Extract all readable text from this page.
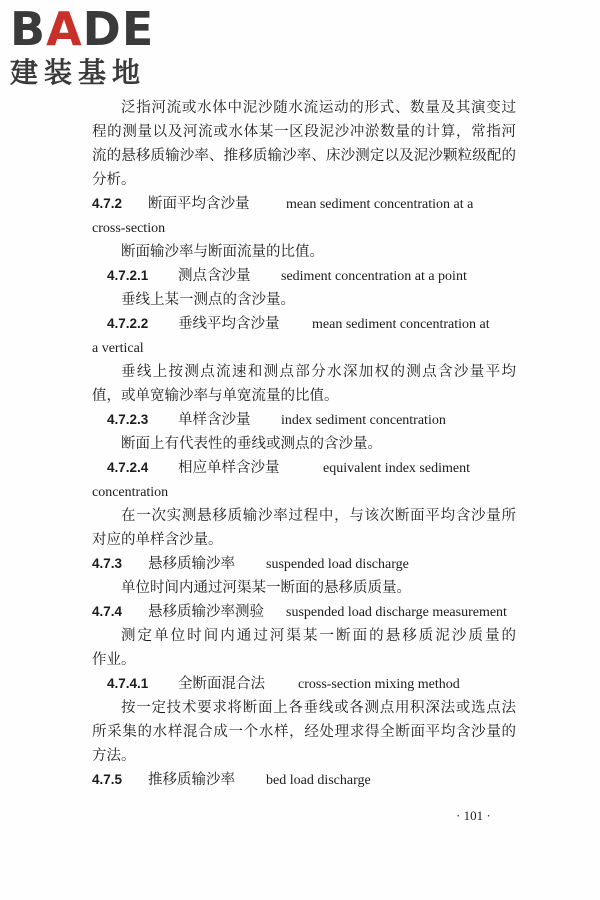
BADE
建装基地
泛指河流或水体中泥沙随水流运动的形式、数量及其演变过
程的测量以及河流或水体某一区段泥沙冲淤数量的计算，常指河
流的悬移质输沙率、推移质输沙率、床沙测定以及泥沙颗粒级配的
分析。
4.7.2 断面平均含沙量	mean sediment concentration at a
cross-section
断面输沙率与断面流量的比值。
4.7.2.1 测点含沙量 sediment concentration at a point
垂线上某一测点的含沙量。
4.7.2.2 垂线平均含沙量 mean sediment concentration at
a vertical
垂线上按测点流速和测点部分水深加权的测点含沙量平均
值，或单宽输沙率与单宽流量的比值。
4.7.2.3 单样含沙量 index sediment concentration
断面上有代表性的垂线或测点的含沙量。
4.7.2.4 相应单样含沙量	equivalent index sediment
concentration
在一次实测悬移质输沙率过程中，与该次断面平均含沙量所
对应的单样含沙量。
4.7.3 悬移质输沙率 suspended load discharge
单位时间内通过河渠某一断面的悬移质质量。
4.7.4 悬移质输沙率测验 suspended load discharge measurement
测定单位时间内通过河渠某一断面的悬移质泥沙质量的
作业。
4.7.4.1 全断面混合法 cross-section mixing method
按一定技术要求将断面上各垂线或各测点用积深法或选点法
所采集的水样混合成一个水样，经处理求得全断面平均含沙量的
方法。
4.7.5 推移质输沙率 bed load discharge
· 101 ·
